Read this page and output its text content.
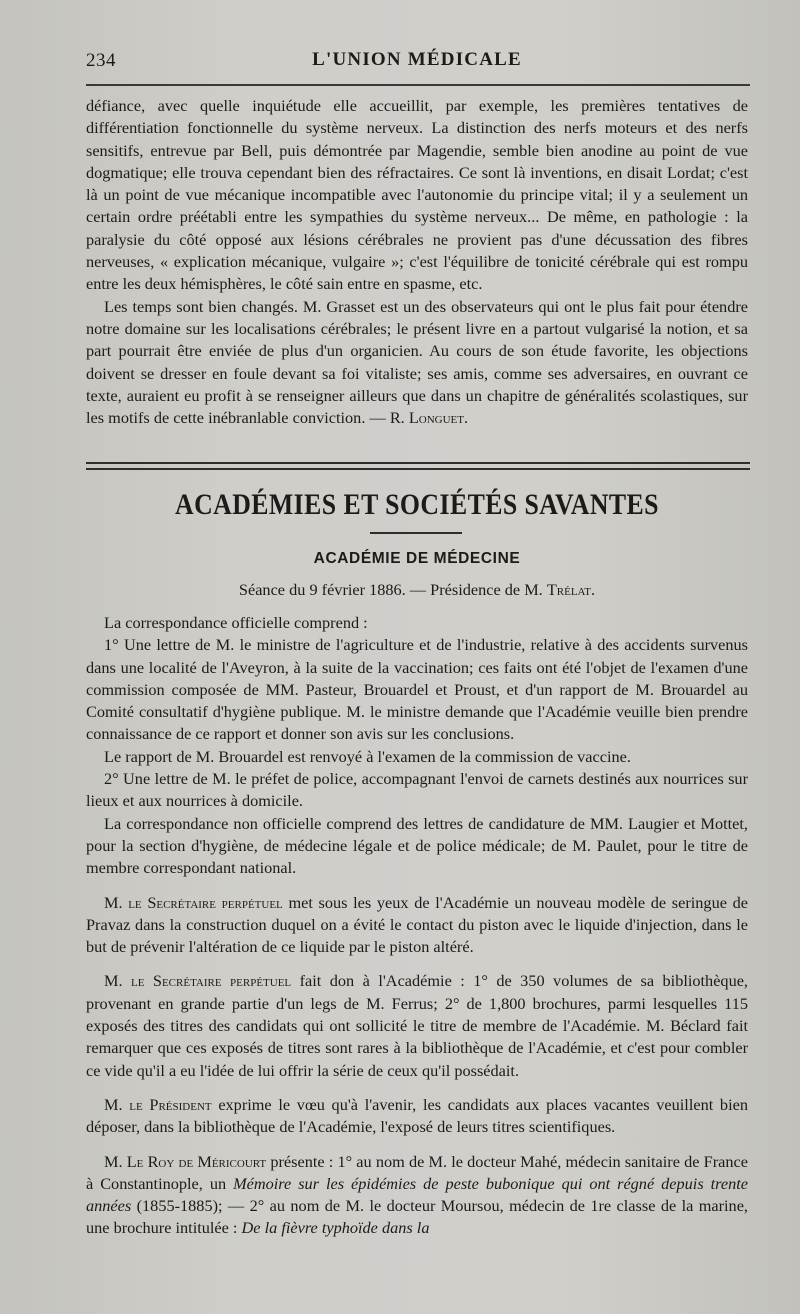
234	L'UNION MÉDICALE

défiance, avec quelle inquiétude elle accueillit, par exemple, les premières tentatives de différentiation fonctionnelle du système nerveux. La distinction des nerfs moteurs et des nerfs sensitifs, entrevue par Bell, puis démontrée par Magendie, semble bien anodine au point de vue dogmatique; elle trouva cependant bien des réfractaires. Ce sont là inventions, en disait Lordat; c'est là un point de vue mécanique incompatible avec l'autonomie du principe vital; il y a seulement un certain ordre préétabli entre les sympathies du système nerveux... De même, en pathologie : la paralysie du côté opposé aux lésions cérébrales ne provient pas d'une décussation des fibres nerveuses, « explication mécanique, vulgaire »; c'est l'équilibre de tonicité cérébrale qui est rompu entre les deux hémisphères, le côté sain entre en spasme, etc.

Les temps sont bien changés. M. Grasset est un des observateurs qui ont le plus fait pour étendre notre domaine sur les localisations cérébrales; le présent livre en a partout vulgarisé la notion, et sa part pourrait être enviée de plus d'un organicien. Au cours de son étude favorite, les objections doivent se dresser en foule devant sa foi vitaliste; ses amis, comme ses adversaires, en ouvrant ce texte, auraient eu profit à se renseigner ailleurs que dans un chapitre de généralités scolastiques, sur les motifs de cette inébranlable conviction. — R. Longuet.

ACADÉMIES ET SOCIÉTÉS SAVANTES
ACADÉMIE DE MÉDECINE
Séance du 9 février 1886. — Présidence de M. Trélat.

La correspondance officielle comprend :

1° Une lettre de M. le ministre de l'agriculture et de l'industrie, relative à des accidents survenus dans une localité de l'Aveyron, à la suite de la vaccination; ces faits ont été l'objet de l'examen d'une commission composée de MM. Pasteur, Brouardel et Proust, et d'un rapport de M. Brouardel au Comité consultatif d'hygiène publique. M. le ministre demande que l'Académie veuille bien prendre connaissance de ce rapport et donner son avis sur les conclusions.

Le rapport de M. Brouardel est renvoyé à l'examen de la commission de vaccine.

2° Une lettre de M. le préfet de police, accompagnant l'envoi de carnets destinés aux nourrices sur lieux et aux nourrices à domicile.

La correspondance non officielle comprend des lettres de candidature de MM. Laugier et Mottet, pour la section d'hygiène, de médecine légale et de police médicale; de M. Paulet, pour le titre de membre correspondant national.

M. le Secrétaire perpétuel met sous les yeux de l'Académie un nouveau modèle de seringue de Pravaz dans la construction duquel on a évité le contact du piston avec le liquide d'injection, dans le but de prévenir l'altération de ce liquide par le piston altéré.

M. le Secrétaire perpétuel fait don à l'Académie : 1° de 350 volumes de sa bibliothèque, provenant en grande partie d'un legs de M. Ferrus; 2° de 1,800 brochures, parmi lesquelles 115 exposés des titres des candidats qui ont sollicité le titre de membre de l'Académie. M. Béclard fait remarquer que ces exposés de titres sont rares à la bibliothèque de l'Académie, et c'est pour combler ce vide qu'il a eu l'idée de lui offrir la série de ceux qu'il possédait.

M. le Président exprime le vœu qu'à l'avenir, les candidats aux places vacantes veuillent bien déposer, dans la bibliothèque de l'Académie, l'exposé de leurs titres scientifiques.

M. Le Roy de Méricourt présente : 1° au nom de M. le docteur Mahé, médecin sanitaire de France à Constantinople, un Mémoire sur les épidémies de peste bubonique qui ont régné depuis trente années (1855-1885); — 2° au nom de M. le docteur Moursou, médecin de 1re classe de la marine, une brochure intitulée : De la fièvre typhoïde dans la
